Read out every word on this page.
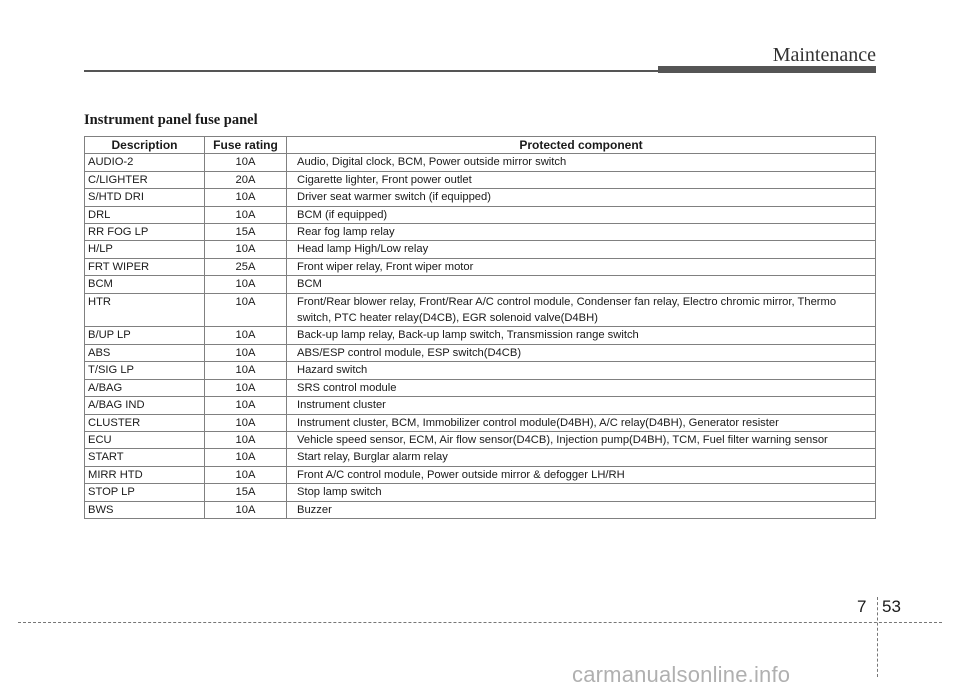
Maintenance
Instrument panel fuse panel
Description	Fuse rating	Protected component
AUDIO-2	10A	Audio, Digital clock, BCM, Power outside mirror switch
C/LIGHTER	20A	Cigarette lighter, Front power outlet
S/HTD DRI	10A	Driver seat warmer switch (if equipped)
DRL	10A	BCM (if equipped)
RR FOG LP	15A	Rear fog lamp relay
H/LP	10A	Head lamp High/Low relay
FRT WIPER	25A	Front wiper relay, Front wiper motor
BCM	10A	BCM
HTR	10A	Front/Rear blower relay, Front/Rear A/C control module, Condenser fan relay, Electro chromic mirror, Thermo switch, PTC heater relay(D4CB), EGR solenoid valve(D4BH)
B/UP LP	10A	Back-up lamp relay, Back-up lamp switch, Transmission range switch
ABS	10A	ABS/ESP control module, ESP switch(D4CB)
T/SIG LP	10A	Hazard switch
A/BAG	10A	SRS control module
A/BAG IND	10A	Instrument cluster
CLUSTER	10A	Instrument cluster, BCM, Immobilizer control module(D4BH), A/C relay(D4BH), Generator resister
ECU	10A	Vehicle speed sensor, ECM, Air flow sensor(D4CB), Injection pump(D4BH), TCM, Fuel filter warning sensor
START	10A	Start relay, Burglar alarm relay
MIRR HTD	10A	Front A/C control module, Power outside mirror & defogger LH/RH
STOP LP	15A	Stop lamp switch
BWS	10A	Buzzer
7 53
carmanualsonline.info
